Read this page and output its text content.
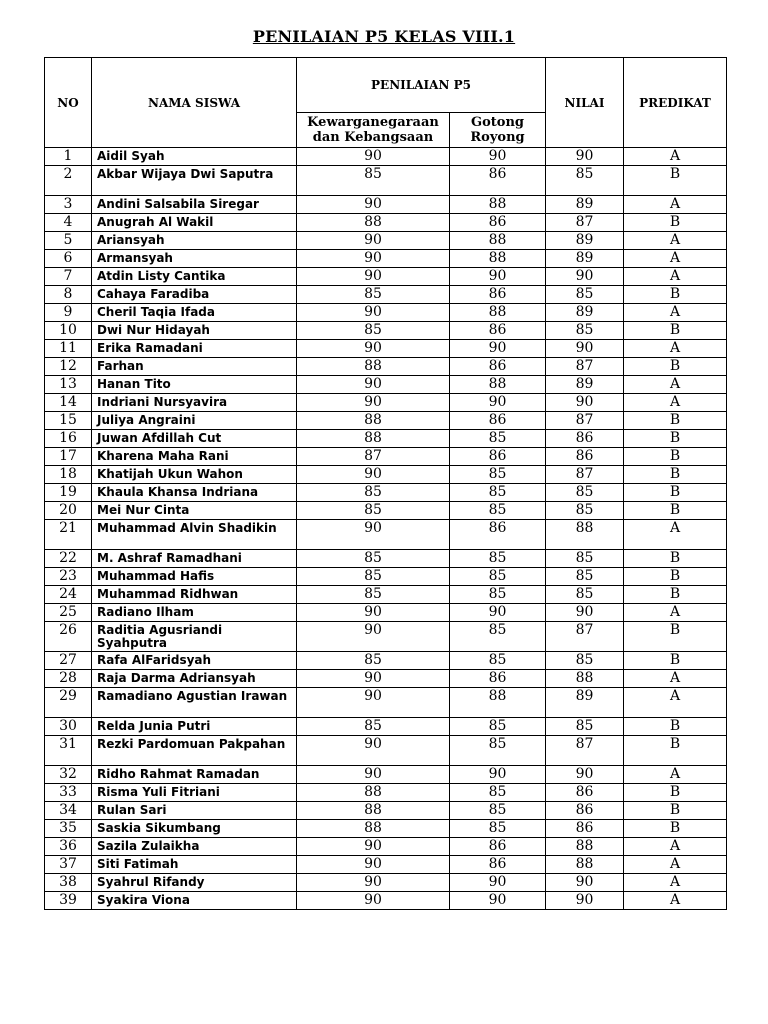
PENILAIAN P5 KELAS VIII.1
NO	NAMA SISWA	PENILAIAN P5		NILAI	PREDIKAT
		Kewarganegaraan dan Kebangsaan	Gotong Royong		
1	Aidil Syah	90	90	90	A
2	Akbar Wijaya Dwi Saputra	85	86	85	B
3	Andini Salsabila Siregar	90	88	89	A
4	Anugrah Al Wakil	88	86	87	B
5	Ariansyah	90	88	89	A
6	Armansyah	90	88	89	A
7	Atdin Listy Cantika	90	90	90	A
8	Cahaya Faradiba	85	86	85	B
9	Cheril Taqia Ifada	90	88	89	A
10	Dwi Nur Hidayah	85	86	85	B
11	Erika Ramadani	90	90	90	A
12	Farhan	88	86	87	B
13	Hanan Tito	90	88	89	A
14	Indriani Nursyavira	90	90	90	A
15	Juliya Angraini	88	86	87	B
16	Juwan Afdillah Cut	88	85	86	B
17	Kharena Maha Rani	87	86	86	B
18	Khatijah Ukun Wahon	90	85	87	B
19	Khaula Khansa Indriana	85	85	85	B
20	Mei Nur Cinta	85	85	85	B
21	Muhammad Alvin Shadikin	90	86	88	A
22	M. Ashraf Ramadhani	85	85	85	B
23	Muhammad Hafis	85	85	85	B
24	Muhammad Ridhwan	85	85	85	B
25	Radiano Ilham	90	90	90	A
26	Raditia Agusriandi Syahputra	90	85	87	B
27	Rafa AlFaridsyah	85	85	85	B
28	Raja Darma Adriansyah	90	86	88	A
29	Ramadiano Agustian Irawan	90	88	89	A
30	Relda Junia Putri	85	85	85	B
31	Rezki Pardomuan Pakpahan	90	85	87	B
32	Ridho Rahmat Ramadan	90	90	90	A
33	Risma Yuli Fitriani	88	85	86	B
34	Rulan Sari	88	85	86	B
35	Saskia Sikumbang	88	85	86	B
36	Sazila Zulaikha	90	86	88	A
37	Siti Fatimah	90	86	88	A
38	Syahrul Rifandy	90	90	90	A
39	Syakira Viona	90	90	90	A
